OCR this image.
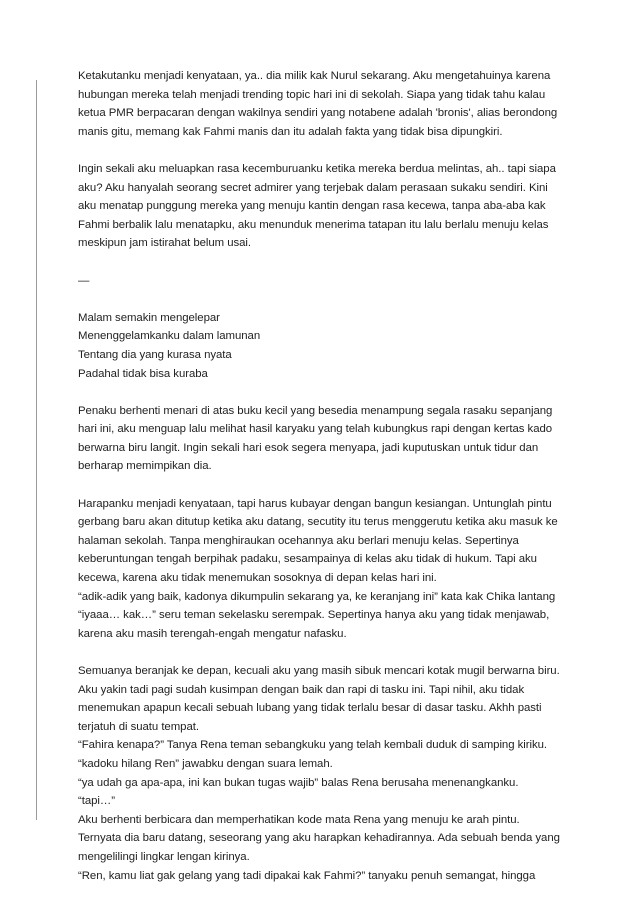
Ketakutanku menjadi kenyataan, ya.. dia milik kak Nurul sekarang. Aku mengetahuinya karena
hubungan mereka telah menjadi trending topic hari ini di sekolah. Siapa yang tidak tahu kalau
ketua PMR berpacaran dengan wakilnya sendiri yang notabene adalah 'bronis', alias berondong
manis gitu, memang kak Fahmi manis dan itu adalah fakta yang tidak bisa dipungkiri.
Ingin sekali aku meluapkan rasa kecemburuanku ketika mereka berdua melintas, ah.. tapi siapa
aku? Aku hanyalah seorang secret admirer yang terjebak dalam perasaan sukaku sendiri. Kini
aku menatap punggung mereka yang menuju kantin dengan rasa kecewa, tanpa aba-aba kak
Fahmi berbalik lalu menatapku, aku menunduk menerima tatapan itu lalu berlalu menuju kelas
meskipun jam istirahat belum usai.
—
Malam semakin mengelepar
Menenggelamkanku dalam lamunan
Tentang dia yang kurasa nyata
Padahal tidak bisa kuraba
Penaku berhenti menari di atas buku kecil yang besedia menampung segala rasaku sepanjang
hari ini, aku menguap lalu melihat hasil karyaku yang telah kubungkus rapi dengan kertas kado
berwarna biru langit. Ingin sekali hari esok segera menyapa, jadi kuputuskan untuk tidur dan
berharap memimpikan dia.
Harapanku menjadi kenyataan, tapi harus kubayar dengan bangun kesiangan. Untunglah pintu
gerbang baru akan ditutup ketika aku datang, secutity itu terus menggerutu ketika aku masuk ke
halaman sekolah. Tanpa menghiraukan ocehannya aku berlari menuju kelas. Sepertinya
keberuntungan tengah berpihak padaku, sesampainya di kelas aku tidak di hukum. Tapi aku
kecewa, karena aku tidak menemukan sosoknya di depan kelas hari ini.
“adik-adik yang baik, kadonya dikumpulin sekarang ya, ke keranjang ini” kata kak Chika lantang
“iyaaa… kak…” seru teman sekelasku serempak. Sepertinya hanya aku yang tidak menjawab,
karena aku masih terengah-engah mengatur nafasku.
Semuanya beranjak ke depan, kecuali aku yang masih sibuk mencari kotak mugil berwarna biru.
Aku yakin tadi pagi sudah kusimpan dengan baik dan rapi di tasku ini. Tapi nihil, aku tidak
menemukan apapun kecali sebuah lubang yang tidak terlalu besar di dasar tasku. Akhh pasti
terjatuh di suatu tempat.
“Fahira kenapa?” Tanya Rena teman sebangkuku yang telah kembali duduk di samping kiriku.
“kadoku hilang Ren” jawabku dengan suara lemah.
“ya udah ga apa-apa, ini kan bukan tugas wajib” balas Rena berusaha menenangkanku.
“tapi…”
Aku berhenti berbicara dan memperhatikan kode mata Rena yang menuju ke arah pintu.
Ternyata dia baru datang, seseorang yang aku harapkan kehadirannya. Ada sebuah benda yang
mengelilingi lingkar lengan kirinya.
“Ren, kamu liat gak gelang yang tadi dipakai kak Fahmi?” tanyaku penuh semangat, hingga
